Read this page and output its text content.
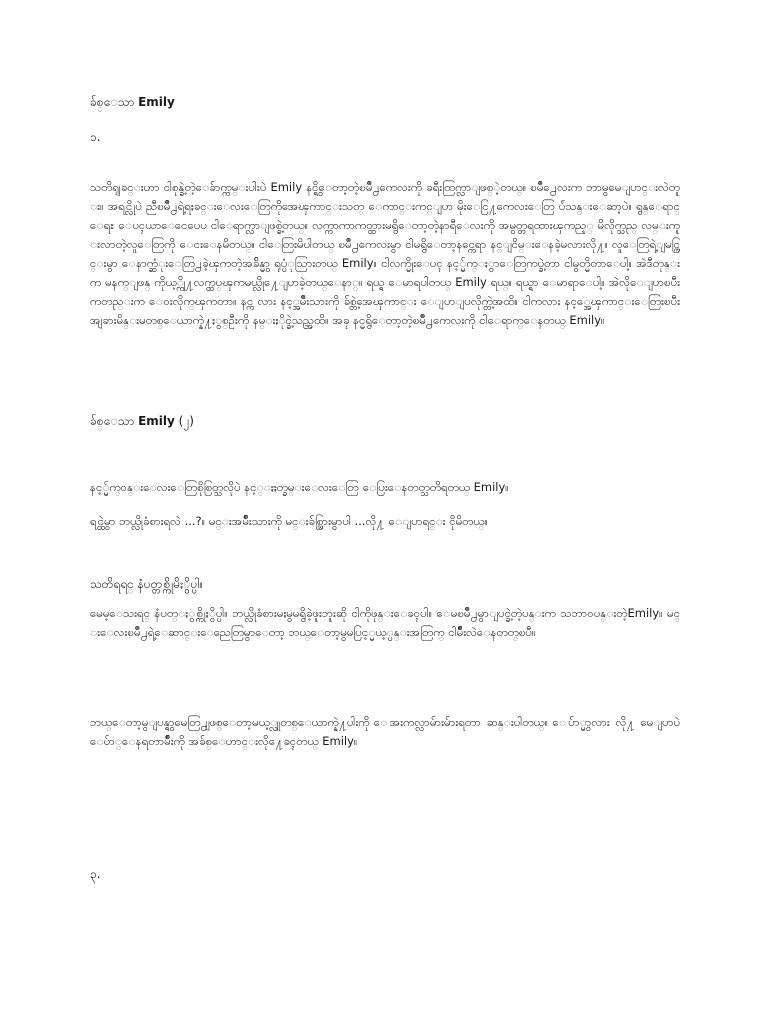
ခ်စ္ေသာ Emily
၁.

သတိရျခင္းဟာ ငါစုန္ခဲ့တဲ့ေခ်ာက္ကမ္းပါးပဲ Emily နင္ရွိေတာ့တဲ့ၿမိဳ႕ကေလးကို ခရီးထြက္လာျဖစ္ဲ့တယ္။ ၿမိဳ႕ေလးက ဘာမွမေျပာင္းလဲတူး။ အရင္လိုပဲ ညီၿမိဳ႕ရဲ့ရႈခင္းေလးေတြကိုအေၾကာင္းသတ္ ေကာင္းကင္ျပာ မိုးေငြ႔ကေလးေတြ ပ်ံသန္းေဆာ့ပဲ။ ရွန္ေရာင္ေရႊ ေပၚယာေငေပေပ ငါေရာက္လာျဖစ္ခဲ့တယ္။ လက္ကာကာကတ္ထားမရွိေတာ့တဲ့နာရီေလးကို အမွတ္တရထားၾကည့္ မိလိုက္သည္ လမ္းကူးလာတဲ့လူေတြကို ေငးေနမိတယ္။ ငါေတြးမိပါတယ္ ၿမိဳ႕ကေလးမွာ ငါမရွိေတာ့နင္ကေရာ နင္ျငိမ္းေနခဲ့မလားလို႔။ လူေတြရဲ့ျမင္ကြင္းမွာ ေနာက္ဆံုးေတြ႕ခဲ့ၾကတဲ့အခ်ိန္မွာ ရုပ္ပံုသြားတယ္ Emily။ ငါလက္မိုးေပၚ နင့္မ်က္ႏွာေတြကပ္ခဲ့တာ ငါမွတ္မိတာေပါ့။ အဲဒီတုန္းက မနက္ျဖန္ ကိုယ့္ကို႔လက္ထပ္ၾကမယ္လို႔ေျပာခဲ့တယ္ေနာ္။ ရယ္ရ ေမာရပါတယ္ Emily ရယ္။ ရယ္ရာ ေမာရာေပါ့။ အဲလိုေျပာၿပီးကတည္းက ေဝးလိုက္ၾကတာ။ နင္က လား နင့္အမိဳးသားကို ခ်စ္တဲ့အေၾကာင္း ေျပာျပလိုက္တဲ့အထိ။ ငါကလား နင့္အေၾကာင္းေတြးၿပီး အျခားမိန္းမတစ္ေယာက္နဲ႔ႏွစ္ဦးကို နမ္းႏိုင္ခဲ့သည္အထိ။ အခု နင္မရွိေတာ့တဲ့ၿမိဳ႕ကေလးကို ငါေရာက္ေနတယ္ Emily။

ခ်စ္ေသာ Emily (၂)

နင့္မ်က္ဝန္းေလးေတြစိုစြတ္သလိုပဲ နင့္ႏႈတ္ခမ္းေလးေတြ ေပြးေနတတ္သတိရတယ္ Emily။

ရင္ထဲမွာ ဘယ္လိုခံစားရလဲ ...?။ မင္းအမ်ိဳးသားကို မင္းခ်စ္သြားမွာပါ ...လို႔ ေျပာရင္း ငိုမိတယ္။

သတိရရင္ နံပတ္တစ္ကိုမိႏွိပ္ပါ။

မေမ့ေသးရင္ နံပတ္ႏွစ္ကိုႏွိပ္ပါ။ ဘယ္လိုခံစားမႈမွမရွိခဲ့ဖူးဘူးဆို ငါကိုဖုန္းေခၚပါ။ ေမၿမိဳ႕မွာျပင္ခဲ့တဲ့ပန္းက သဘာဝပန္းတဲ့Emily။ မင္းေလးၿမိဳ႕ရဲ့ေဆာင္းေညေတြမွာေတာ့ ဘယ္ေတာ့မွမပြင့္မယ့္ပန္းအတြက္ ငါမ်ိဳးလဲေနတတ္ၿပီ။

ဘယ္ေတာ့မွျပန္ရွာမေတြ႕ျဖစ္ေတာ့မယ့္လူတစ္ေယာက္နဲ႔ပါးကို ေအးကလ္လာမ်ားမ်ားရတာ ဆန္းပါတယ္။ ေပ်ာ္မွာလား လို႔ မေျပာပဲ ေပ်ာ္ေနရတာမ်ိဳးကို အခ်စ္ေဟာင္းလို႔ေခၚတယ္ Emily။

၃.
